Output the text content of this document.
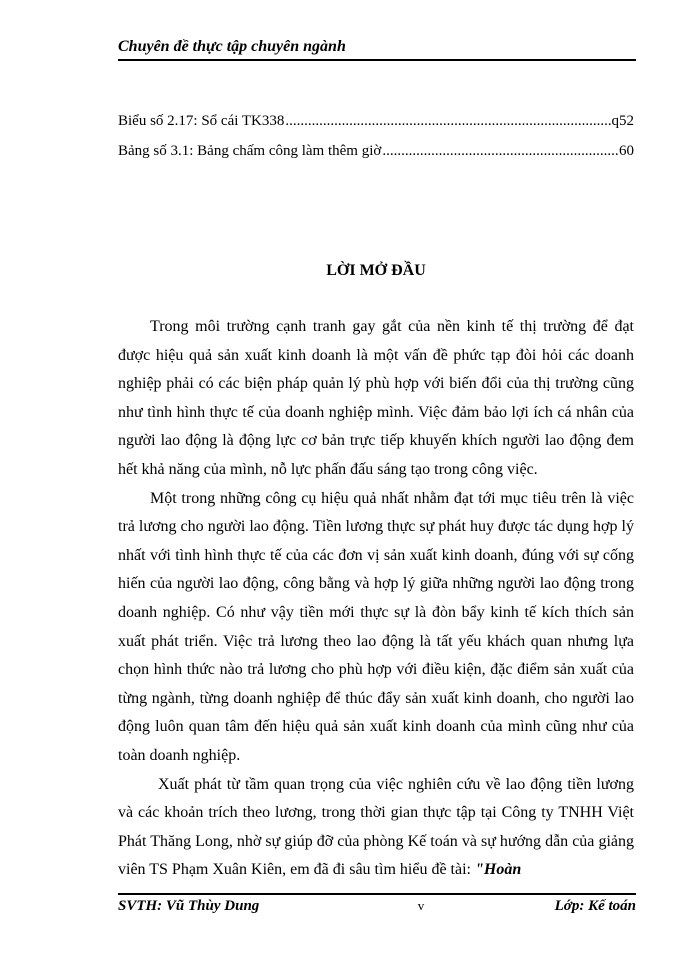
Chuyên đề thực tập chuyên ngành
Biểu số 2.17: Sổ cái TK338 .....	q52
Bảng số 3.1: Bảng chấm công làm thêm giờ .....	60
LỜI MỞ ĐẦU

Trong môi trường cạnh tranh gay gắt của nền kinh tế thị trường để đạt được hiệu quả sản xuất kinh doanh là một vấn đề phức tạp đòi hỏi các doanh nghiệp phải có các biện pháp quản lý phù hợp với biến đổi của thị trường cũng như tình hình thực tế của doanh nghiệp mình. Việc đảm bảo lợi ích cá nhân của người lao động là động lực cơ bản trực tiếp khuyến khích người lao động đem hết khả năng của mình, nỗ lực phấn đấu sáng tạo trong công việc.

Một trong những công cụ hiệu quả nhất nhằm đạt tới mục tiêu trên là việc trả lương cho người lao động. Tiền lương thực sự phát huy được tác dụng hợp lý nhất với tình hình thực tế của các đơn vị sản xuất kinh doanh, đúng với sự cống hiến của người lao động, công bằng và hợp lý giữa những người lao động trong doanh nghiệp. Có như vậy tiền mới thực sự là đòn bẩy kinh tế kích thích sản xuất phát triển. Việc trả lương theo lao động là tất yếu khách quan nhưng lựa chọn hình thức nào trả lương cho phù hợp với điều kiện, đặc điểm sản xuất của từng ngành, từng doanh nghiệp để thúc đẩy sản xuất kinh doanh, cho người lao động luôn quan tâm đến hiệu quả sản xuất kinh doanh của mình cũng như của toàn doanh nghiệp.

Xuất phát từ tầm quan trọng của việc nghiên cứu về lao động tiền lương và các khoản trích theo lương, trong thời gian thực tập tại Công ty TNHH Việt Phát Thăng Long, nhờ sự giúp đỡ của phòng Kế toán và sự hướng dẫn của giảng viên TS Phạm Xuân Kiên, em đã đi sâu tìm hiểu đề tài: "Hoàn

SVTH: Vũ Thùy Dung	v	Lớp: Kế toán
